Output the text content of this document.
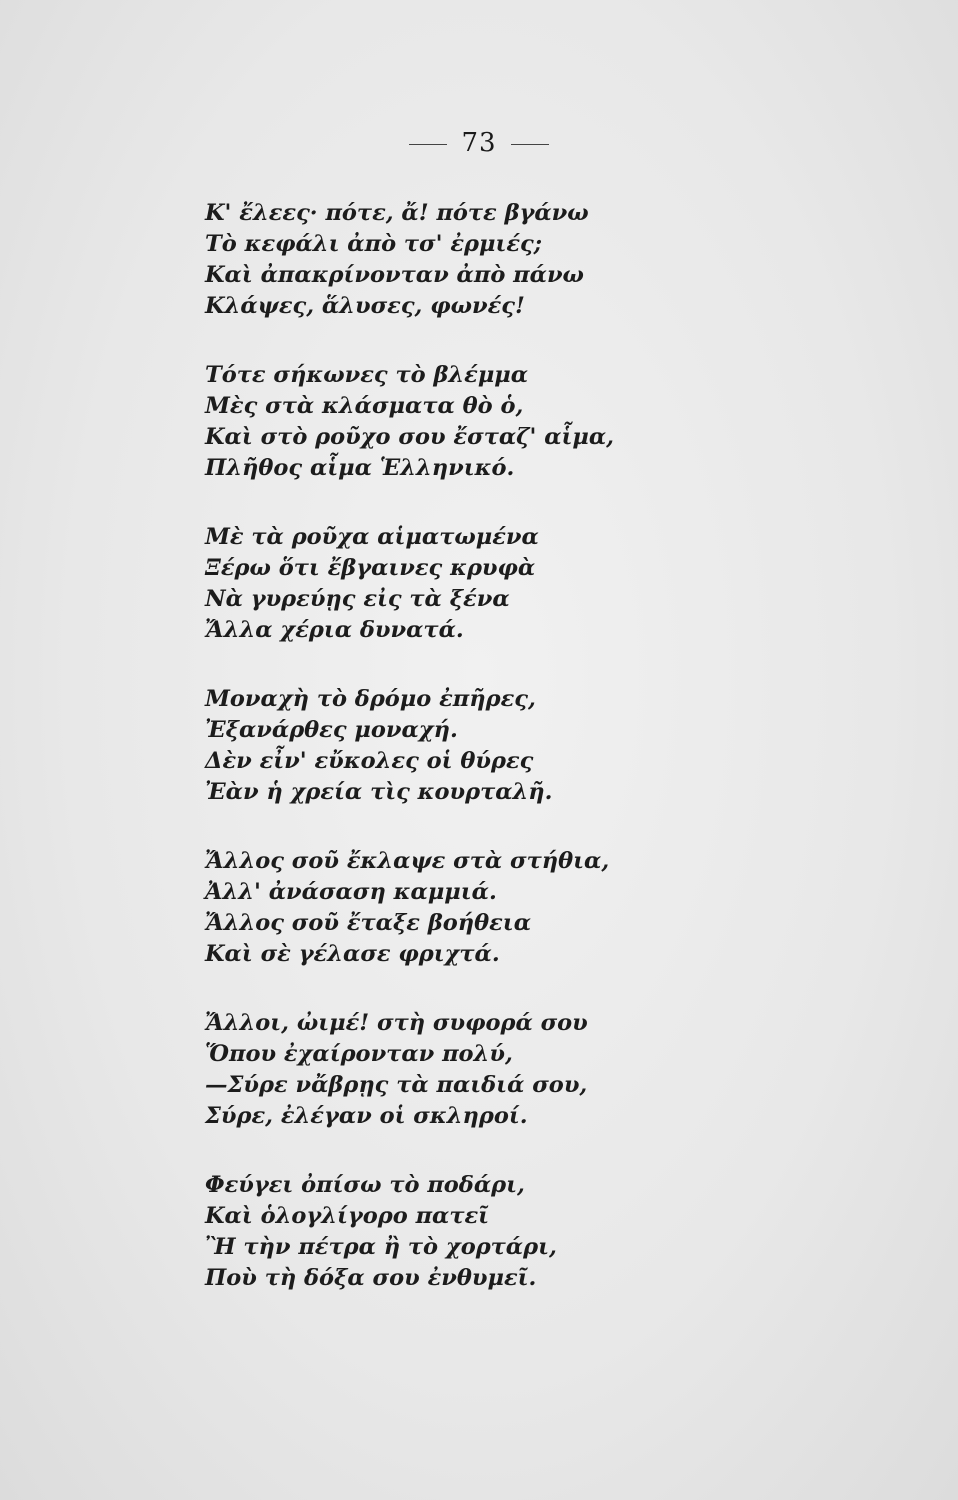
73
Κ' ἔλεες· πότε, ἄ! πότε βγάνω
Τὸ κεφάλι ἀπὸ τσ' ἐρμιές;
Καὶ ἀπακρίνονταν ἀπὸ πάνω
Κλάψες, ἅλυσες, φωνές!
Τότε σήκωνες τὸ βλέμμα
Μὲς στὰ κλάσματα θὸ ὁ,
Καὶ στὸ ροῦχο σου ἔσταζ' αἷμα,
Πλῆθος αἷμα Ἑλληνικό.
Μὲ τὰ ροῦχα αἱματωμένα
Ξέρω ὅτι ἔβγαινες κρυφὰ
Νὰ γυρεύῃς εἰς τὰ ξένα
Ἄλλα χέρια δυνατά.
Μοναχὴ τὸ δρόμο ἐπῆρες,
Ἐξανάρθες μοναχή.
Δὲν εἶν' εὔκολες οἱ θύρες
Ἐὰν ἡ χρεία τὶς κουρταλῆ.
Ἄλλος σοῦ ἔκλαψε στὰ στήθια,
Ἀλλ' ἀνάσαση καμμιά.
Ἄλλος σοῦ ἔταξε βοήθεια
Καὶ σὲ γέλασε φριχτά.
Ἄλλοι, ὠιμέ! στὴ συφορά σου
Ὅπου ἐχαίρονταν πολύ,
—Σύρε νἄβρῃς τὰ παιδιά σου,
Σύρε, ἐλέγαν οἱ σκληροί.
Φεύγει ὀπίσω τὸ ποδάρι,
Καὶ ὁλογλίγορο πατεῖ
Ἢ τὴν πέτρα ἢ τὸ χορτάρι,
Ποὺ τὴ δόξα σου ἐνθυμεῖ.
